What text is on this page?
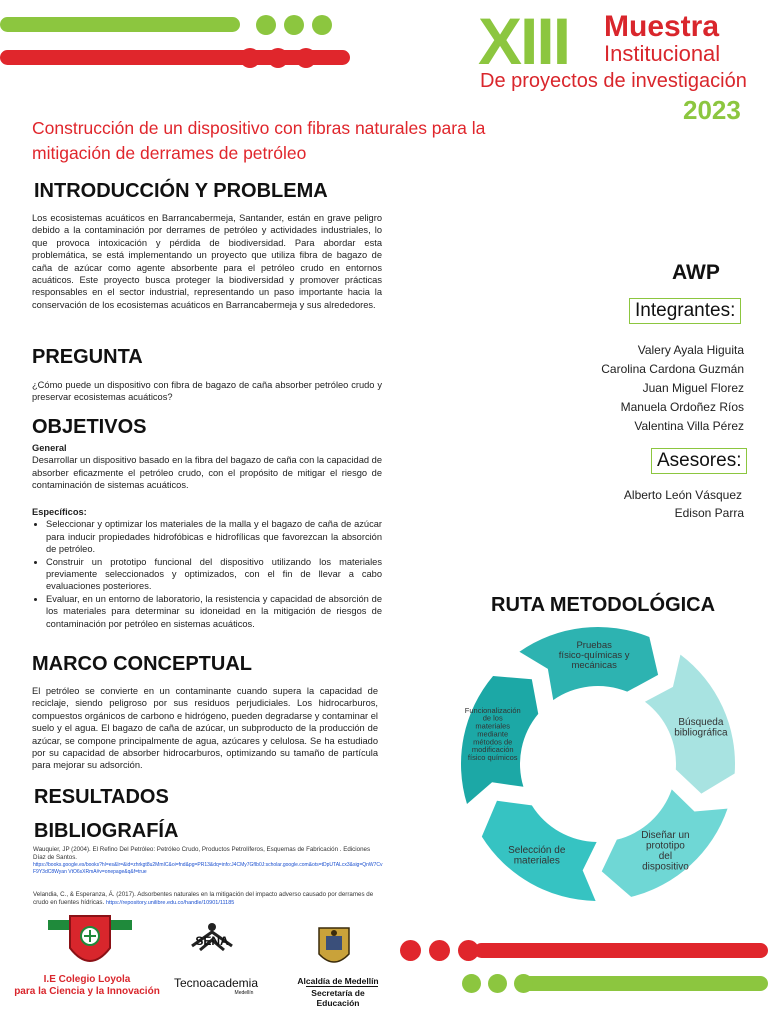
XIII Muestra
Institucional
De proyectos de investigación
2023
Construcción de un dispositivo con fibras naturales para la mitigación de derrames de petróleo
INTRODUCCIÓN Y PROBLEMA
Los ecosistemas acuáticos en Barrancabermeja, Santander, están en grave peligro debido a la contaminación por derrames de petróleo y actividades industriales, lo que provoca intoxicación y pérdida de biodiversidad. Para abordar esta problemática, se está implementando un proyecto que utiliza fibra de bagazo de caña de azúcar como agente absorbente para el petróleo crudo en entornos acuáticos. Este proyecto busca proteger la biodiversidad y promover prácticas responsables en el sector industrial, representando un paso importante hacia la conservación de los ecosistemas acuáticos en Barrancabermeja y sus alrededores.
PREGUNTA
¿Cómo puede un dispositivo con fibra de bagazo de caña absorber petróleo crudo y preservar ecosistemas acuáticos?
OBJETIVOS
General
Desarrollar un dispositivo basado en la fibra del bagazo de caña con la capacidad de absorber eficazmente el petróleo crudo, con el propósito de mitigar el riesgo de contaminación de sistemas acuáticos.
Específicos:
• Seleccionar y optimizar los materiales de la malla y el bagazo de caña de azúcar para inducir propiedades hidrofóbicas e hidrofílicas que favorezcan la absorción de petróleo.
• Construir un prototipo funcional del dispositivo utilizando los materiales previamente seleccionados y optimizados, con el fin de llevar a cabo evaluaciones posteriores.
• Evaluar, en un entorno de laboratorio, la resistencia y capacidad de absorción de los materiales para determinar su idoneidad en la mitigación de riesgos de contaminación por petróleo en sistemas acuáticos.
MARCO CONCEPTUAL
El petróleo se convierte en un contaminante cuando supera la capacidad de reciclaje, siendo peligroso por sus residuos perjudiciales. Los hidrocarburos, compuestos orgánicos de carbono e hidrógeno, pueden degradarse y contaminar el suelo y el agua. El bagazo de caña de azúcar, un subproducto de la producción de azúcar, se compone principalmente de agua, azúcares y celulosa. Se ha estudiado por su capacidad de absorber hidrocarburos, optimizando su tamaño de partícula para mejorar su adsorción.
RESULTADOS
BIBLIOGRAFÍA
Wauquier, JP (2004). El Refino Del Petróleo: Petróleo Crudo, Productos Petrolíferos, Esquemas de Fabricación . Ediciones Díaz de Santos.
https://books.google.es/books?hl=es&lr=&id=zhrkgt8u2MmIC&oi=fnd&pg=PR13&dq=info:J4CMy7GfIb0J:scholar.google.com&ots=tDpUTALcx3&sig=QnW7CvF9Y3dC8Wyan VtO6sXRmA#v=onepage&q&f=true
Velandia, C., & Esperanza, Á. (2017). Adsorbentes naturales en la mitigación del impacto adverso causado por derrames de crudo en fuentes hídricas. https://repository.unilibre.edu.co/handle/10901/11185
AWP
Integrantes:
Valery Ayala Higuita
Carolina Cardona Guzmán
Juan Miguel Florez
Manuela Ordoñez Ríos
Valentina Villa Pérez
Asesores:
Alberto León Vásquez
Edison Parra
RUTA METODOLÓGICA
Búsqueda bibliográfica
Diseñar un prototipo del dispositivo
Selección de materiales
Funcionalización de los materiales mediante métodos de modificación físico químicos
Pruebas físico-químicas y mecánicas
I.E Colegio Loyola
para la Ciencia y la Innovación
SENA
Tecnoacademia
Medellín
Alcaldía de Medellín
Secretaría de Educación
